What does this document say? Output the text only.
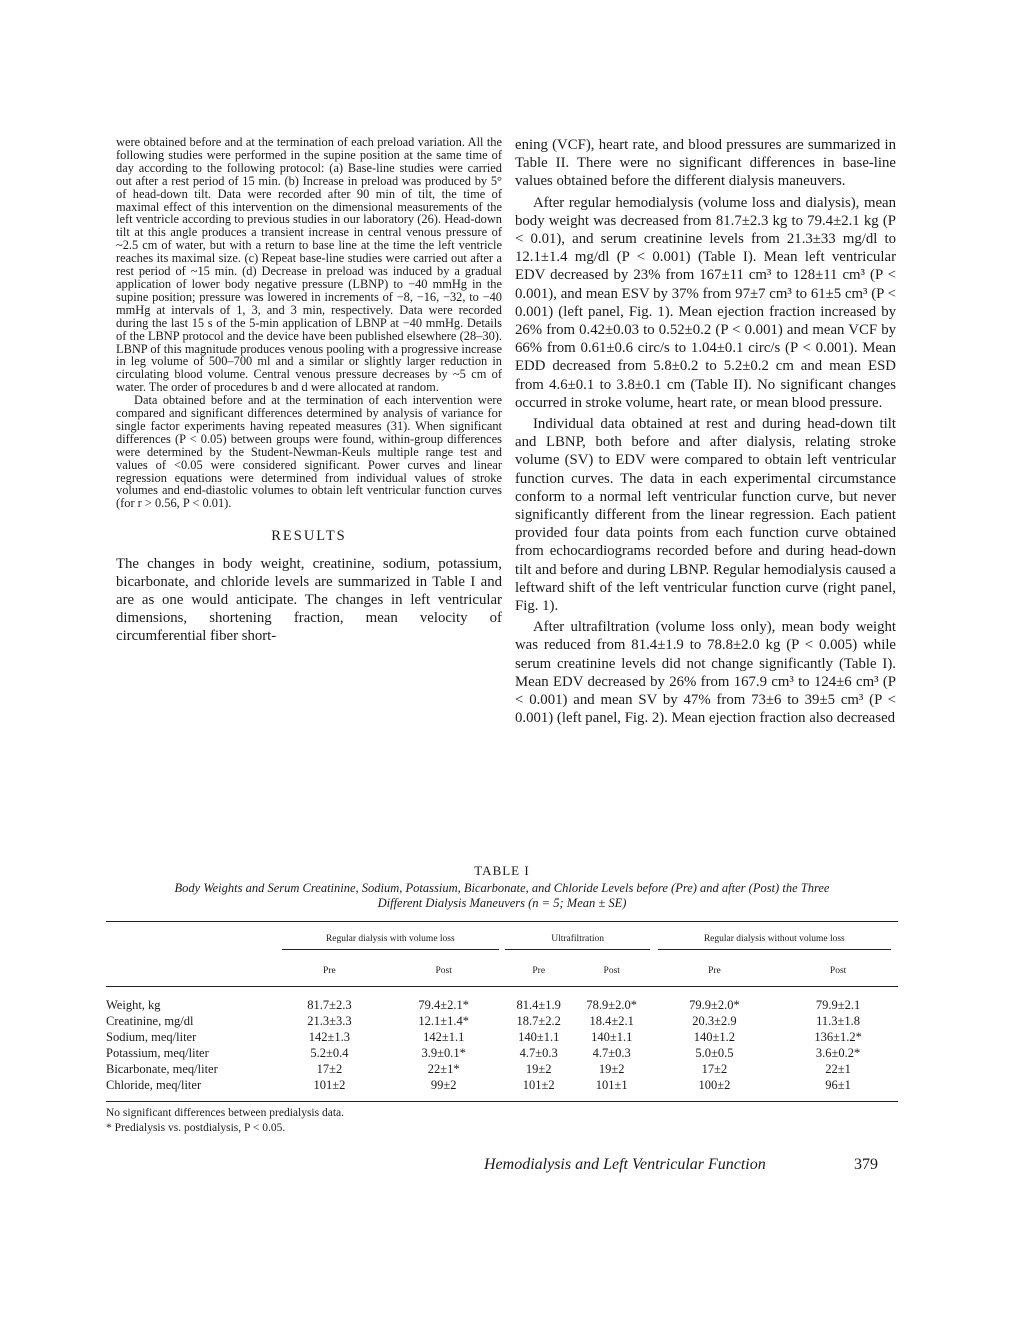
were obtained before and at the termination of each preload variation. All the following studies were performed in the supine position at the same time of day according to the following protocol: (a) Base-line studies were carried out after a rest period of 15 min. (b) Increase in preload was produced by 5° of head-down tilt. Data were recorded after 90 min of tilt, the time of maximal effect of this intervention on the dimensional measurements of the left ventricle according to previous studies in our laboratory (26). Head-down tilt at this angle produces a transient increase in central venous pressure of ~2.5 cm of water, but with a return to base line at the time the left ventricle reaches its maximal size. (c) Repeat base-line studies were carried out after a rest period of ~15 min. (d) Decrease in preload was induced by a gradual application of lower body negative pressure (LBNP) to −40 mmHg in the supine position; pressure was lowered in increments of −8, −16, −32, to −40 mmHg at intervals of 1, 3, and 3 min, respectively. Data were recorded during the last 15 s of the 5-min application of LBNP at −40 mmHg. Details of the LBNP protocol and the device have been published elsewhere (28–30). LBNP of this magnitude produces venous pooling with a progressive increase in leg volume of 500–700 ml and a similar or slightly larger reduction in circulating blood volume. Central venous pressure decreases by ~5 cm of water. The order of procedures b and d were allocated at random.

Data obtained before and at the termination of each intervention were compared and significant differences determined by analysis of variance for single factor experiments having repeated measures (31). When significant differences (P < 0.05) between groups were found, within-group differences were determined by the Student-Newman-Keuls multiple range test and values of <0.05 were considered significant. Power curves and linear regression equations were determined from individual values of stroke volumes and end-diastolic volumes to obtain left ventricular function curves (for r > 0.56, P < 0.01).

RESULTS

The changes in body weight, creatinine, sodium, potassium, bicarbonate, and chloride levels are summarized in Table I and are as one would anticipate. The changes in left ventricular dimensions, shortening fraction, mean velocity of circumferential fiber short-

ening (VCF), heart rate, and blood pressures are summarized in Table II. There were no significant differences in base-line values obtained before the different dialysis maneuvers.

After regular hemodialysis (volume loss and dialysis), mean body weight was decreased from 81.7±2.3 kg to 79.4±2.1 kg (P < 0.01), and serum creatinine levels from 21.3±33 mg/dl to 12.1±1.4 mg/dl (P < 0.001) (Table I). Mean left ventricular EDV decreased by 23% from 167±11 cm³ to 128±11 cm³ (P < 0.001), and mean ESV by 37% from 97±7 cm³ to 61±5 cm³ (P < 0.001) (left panel, Fig. 1). Mean ejection fraction increased by 26% from 0.42±0.03 to 0.52±0.2 (P < 0.001) and mean VCF by 66% from 0.61±0.6 circ/s to 1.04±0.1 circ/s (P < 0.001). Mean EDD decreased from 5.8±0.2 to 5.2±0.2 cm and mean ESD from 4.6±0.1 to 3.8±0.1 cm (Table II). No significant changes occurred in stroke volume, heart rate, or mean blood pressure.

Individual data obtained at rest and during head-down tilt and LBNP, both before and after dialysis, relating stroke volume (SV) to EDV were compared to obtain left ventricular function curves. The data in each experimental circumstance conform to a normal left ventricular function curve, but never significantly different from the linear regression. Each patient provided four data points from each function curve obtained from echocardiograms recorded before and during head-down tilt and before and during LBNP. Regular hemodialysis caused a leftward shift of the left ventricular function curve (right panel, Fig. 1).

After ultrafiltration (volume loss only), mean body weight was reduced from 81.4±1.9 to 78.8±2.0 kg (P < 0.005) while serum creatinine levels did not change significantly (Table I). Mean EDV decreased by 26% from 167.9 cm³ to 124±6 cm³ (P < 0.001) and mean SV by 47% from 73±6 to 39±5 cm³ (P < 0.001) (left panel, Fig. 2). Mean ejection fraction also decreased

TABLE I
Body Weights and Serum Creatinine, Sodium, Potassium, Bicarbonate, and Chloride Levels before (Pre) and after (Post) the Three Different Dialysis Maneuvers (n = 5; Mean ± SE)
	Regular dialysis with volume loss		Ultrafiltration		Regular dialysis without volume loss	
	Pre	Post	Pre	Post	Pre	Post
Weight, kg	81.7±2.3	79.4±2.1*	81.4±1.9	78.9±2.0*	79.9±2.0*	79.9±2.1
Creatinine, mg/dl	21.3±3.3	12.1±1.4*	18.7±2.2	18.4±2.1	20.3±2.9	11.3±1.8
Sodium, meq/liter	142±1.3	142±1.1	140±1.1	140±1.1	140±1.2	136±1.2*
Potassium, meq/liter	5.2±0.4	3.9±0.1*	4.7±0.3	4.7±0.3	5.0±0.5	3.6±0.2*
Bicarbonate, meq/liter	17±2	22±1*	19±2	19±2	17±2	22±1
Chloride, meq/liter	101±2	99±2	101±2	101±1	100±2	96±1
No significant differences between predialysis data.
* Predialysis vs. postdialysis, P < 0.05.
Hemodialysis and Left Ventricular Function	379
